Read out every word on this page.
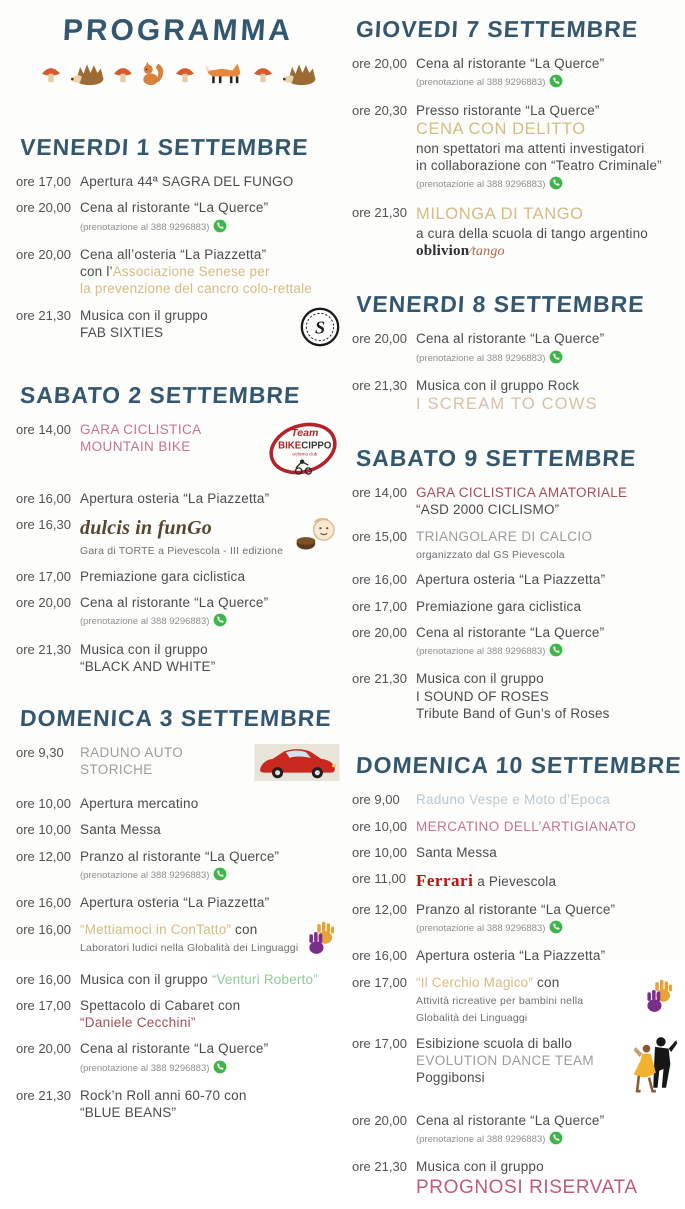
PROGRAMMA
VENERDI 1 SETTEMBRE
ore 17,00 Apertura 44ª SAGRA DEL FUNGO
ore 20,00 Cena al ristorante “La Querce”
(prenotazione al 388 9296883)
ore 20,00 Cena all’osteria “La Piazzetta”
con l’Associazione Senese per
la prevenzione del cancro colo-rettale
ore 21,30 Musica con il gruppo
FAB SIXTIES	S
SABATO 2 SETTEMBRE
ore 14,00 GARA CICLISTICA
MOUNTAIN BIKE
Team
BIKECIPPO
ciclismo club
ore 16,00 Apertura osteria “La Piazzetta”
ore 16,30 dulcis in funGo
Gara di TORTE a Pievescola - III edizione
ore 17,00 Premiazione gara ciclistica
ore 20,00 Cena al ristorante “La Querce”
(prenotazione al 388 9296883)
ore 21,30 Musica con il gruppo
“BLACK AND WHITE”
DOMENICA 3 SETTEMBRE
ore 9,30	RADUNO AUTO STORICHE
ore 10,00 Apertura mercatino
ore 10,00 Santa Messa
ore 12,00 Pranzo al ristorante “La Querce”
(prenotazione al 388 9296883)
ore 16,00 Apertura osteria “La Piazzetta”
ore 16,00 “Mettiamoci in ConTatto” con
Laboratori ludici nella Globalità dei Linguaggi
ore 16,00 Musica con il gruppo “Venturi Roberto”
ore 17,00 Spettacolo di Cabaret con
“Daniele Cecchini”
ore 20,00 Cena al ristorante “La Querce”
(prenotazione al 388 9296883)
ore 21,30 Rock’n Roll anni 60-70 con
“BLUE BEANS”
GIOVEDI 7 SETTEMBRE
ore 20,00 Cena al ristorante “La Querce”
(prenotazione al 388 9296883)
ore 20,30 Presso ristorante “La Querce”
CENA CON DELITTO
non spettatori ma attenti investigatori
in collaborazione con “Teatro Criminale”
(prenotazione al 388 9296883)
ore 21,30 MILONGA DI TANGO
a cura della scuola di tango argentino
oblivion⁄tango
VENERDI 8 SETTEMBRE
ore 20,00 Cena al ristorante “La Querce”
(prenotazione al 388 9296883)
ore 21,30 Musica con il gruppo Rock
I SCREAM TO COWS
SABATO 9 SETTEMBRE
ore 14,00 GARA CICLISTICA AMATORIALE
“ASD 2000 CICLISMO”
ore 15,00 TRIANGOLARE DI CALCIO
organizzato dal GS Pievescola
ore 16,00 Apertura osteria “La Piazzetta”
ore 17,00 Premiazione gara ciclistica
ore 20,00 Cena al ristorante “La Querce”
(prenotazione al 388 9296883)
ore 21,30 Musica con il gruppo
I SOUND OF ROSES
Tribute Band of Gun’s of Roses
DOMENICA 10 SETTEMBRE
ore 9,00	Raduno Vespe e Moto d’Epoca
ore 10,00 MERCATINO DELL’ARTIGIANATO
ore 10,00 Santa Messa
ore 11,00 Ferrari a Pievescola
ore 12,00 Pranzo al ristorante “La Querce”
(prenotazione al 388 9296883)
ore 16,00 Apertura osteria “La Piazzetta”
ore 17,00 “Il Cerchio Magico” con
Attività ricreative per bambini nella
Globalità dei Linguaggi
ore 17,00 Esibizione scuola di ballo
EVOLUTION DANCE TEAM
Poggibonsi
ore 20,00 Cena al ristorante “La Querce”
(prenotazione al 388 9296883)
ore 21,30 Musica con il gruppo
PROGNOSI RISERVATA
